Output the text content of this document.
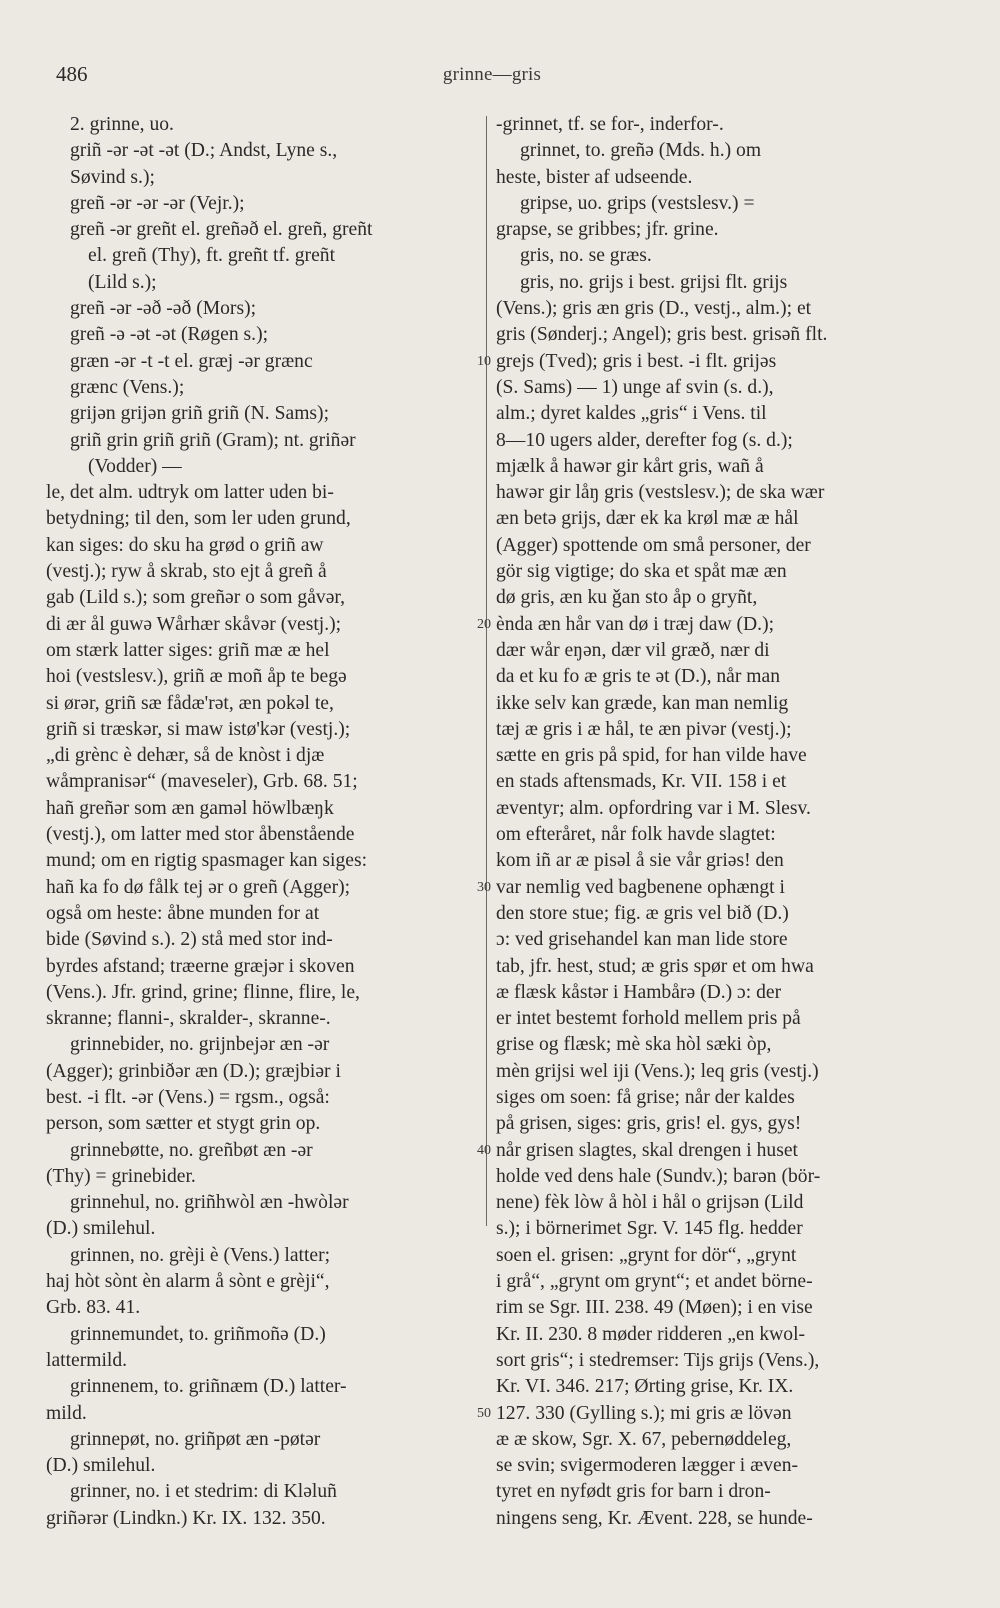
486	grinne—gris
2. grinne, uo.
griñ -ər -ət -ət (D.; Andst, Lyne s.,
Søvind s.);
greñ -ər -ər -ər (Vejr.);
greñ -ər greñt el. greñəð el. greñ, greñt
el. greñ (Thy), ft. greñt tf. greñt
(Lild s.);
greñ -ər -əð -əð (Mors);
greñ -ə -ət -ət (Røgen s.);
græn -ər -t -t el. græj -ər grænc
grænc (Vens.);
grijən grijən griñ griñ (N. Sams);
griñ grin griñ griñ (Gram); nt. griñər
(Vodder) —
le, det alm. udtryk om latter uden bi-
betydning; til den, som ler uden grund,
kan siges: do sku ha grød o griñ aw
(vestj.); ryw å skrab, sto ejt å greñ å
gab (Lild s.); som greñər o som gåvər,
di ær ål guwə Wårhær skåvər (vestj.);
om stærk latter siges: griñ mæ æ hel
hoi (vestslesv.), griñ æ moñ åp te begə
si ørər, griñ sæ fådæ'rət, æn pokəl te,
griñ si træskər, si maw istø'kər (vestj.);
„di grènc è dehær, så de knòst i djæ
wåmpranisər“ (maveseler), Grb. 68. 51;
hañ greñər som æn gaməl höwlbæŋk
(vestj.), om latter med stor åbenstående
mund; om en rigtig spasmager kan siges:
hañ ka fo dø fålk tej ər o greñ (Agger);
også om heste: åbne munden for at
bide (Søvind s.). 2) stå med stor ind-
byrdes afstand; træerne græjər i skoven
(Vens.). Jfr. grind, grine; flinne, flire, le,
skranne; flanni-, skralder-, skranne-.
grinnebider, no. grijnbejər æn -ər
(Agger); grinbiðər æn (D.); græjbiər i
best. -i flt. -ər (Vens.) = rgsm., også:
person, som sætter et stygt grin op.
grinnebøtte, no. greñbøt æn -ər
(Thy) = grinebider.
grinnehul, no. griñhwòl æn -hwòlər
(D.) smilehul.
grinnen, no. grèji è (Vens.) latter;
haj hòt sònt èn alarm å sònt e grèji“,
Grb. 83. 41.
grinnemundet, to. griñmoñə (D.)
lattermild.
grinnenem, to. griñnæm (D.) latter-
mild.
grinnepøt, no. griñpøt æn -pøtər
(D.) smilehul.
grinner, no. i et stedrim: di Kləluñ
griñərər (Lindkn.) Kr. IX. 132. 350.
10
20
30
40
50
-grinnet, tf. se for-, inderfor-.
grinnet, to. greñə (Mds. h.) om
heste, bister af udseende.
gripse, uo. grips (vestslesv.) =
grapse, se gribbes; jfr. grine.
gris, no. se græs.
gris, no. grijs i best. grijsi flt. grijs
(Vens.); gris æn gris (D., vestj., alm.); et
gris (Sønderj.; Angel); gris best. grisəñ flt.
grejs (Tved); gris i best. -i flt. grijəs
(S. Sams) — 1) unge af svin (s. d.),
alm.; dyret kaldes „gris“ i Vens. til
8—10 ugers alder, derefter fog (s. d.);
mjælk å hawər gir kårt gris, wañ å
hawər gir låŋ gris (vestslesv.); de ska wær
æn betə grijs, dær ek ka krøl mæ æ hål
(Agger) spottende om små personer, der
gör sig vigtige; do ska et spåt mæ æn
dø gris, æn ku ǧan sto åp o gryñt,
ènda æn hår van dø i træj daw (D.);
dær wår eŋən, dær vil græð, nær di
da et ku fo æ gris te ət (D.), når man
ikke selv kan græde, kan man nemlig
tæj æ gris i æ hål, te æn pivər (vestj.);
sætte en gris på spid, for han vilde have
en stads aftensmads, Kr. VII. 158 i et
æventyr; alm. opfordring var i M. Slesv.
om efteråret, når folk havde slagtet:
kom iñ ar æ pisəl å sie vår griəs! den
var nemlig ved bagbenene ophængt i
den store stue; fig. æ gris vel bið (D.)
ɔ: ved grisehandel kan man lide store
tab, jfr. hest, stud; æ gris spør et om hwa
æ flæsk kåstər i Hambårə (D.) ɔ: der
er intet bestemt forhold mellem pris på
grise og flæsk; mè ska hòl sæki òp,
mèn grijsi wel iji (Vens.); leq gris (vestj.)
siges om soen: få grise; når der kaldes
på grisen, siges: gris, gris! el. gys, gys!
når grisen slagtes, skal drengen i huset
holde ved dens hale (Sundv.); barən (bör-
nene) fèk lòw å hòl i hål o grijsən (Lild
s.); i börnerimet Sgr. V. 145 flg. hedder
soen el. grisen: „grynt for dör“, „grynt
i grå“, „grynt om grynt“; et andet börne-
rim se Sgr. III. 238. 49 (Møen); i en vise
Kr. II. 230. 8 møder ridderen „en kwol-
sort gris“; i stedremser: Tijs grijs (Vens.),
Kr. VI. 346. 217; Ørting grise, Kr. IX.
127. 330 (Gylling s.); mi gris æ lövən
æ æ skow, Sgr. X. 67, pebernøddeleg,
se svin; svigermoderen lægger i æven-
tyret en nyfødt gris for barn i dron-
ningens seng, Kr. Ævent. 228, se hunde-
